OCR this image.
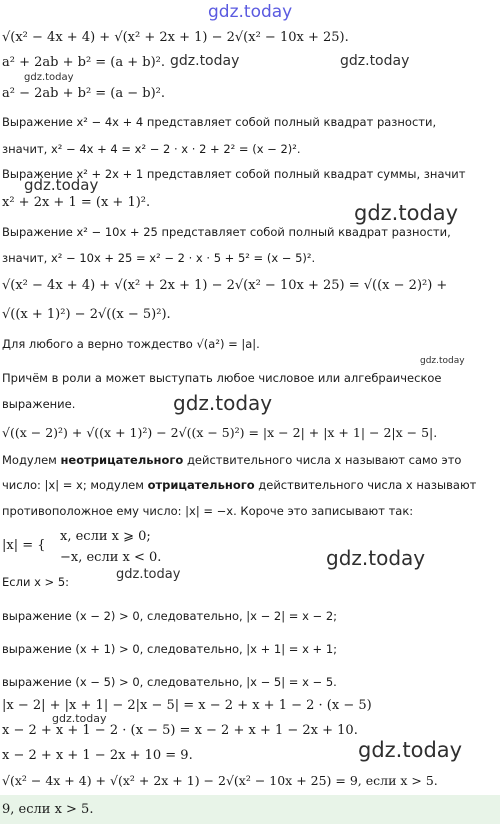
gdz.today
gdz.today	gdz.today
gdz.today
gdz.today
gdz.today
gdz.today
gdz.today
gdz.today
gdz.today
gdz.today
gdz.today
√(x² − 4x + 4) + √(x² + 2x + 1) − 2√(x² − 10x + 25).
a² + 2ab + b² = (a + b)².
a² − 2ab + b² = (a − b)².
Выражение x² − 4x + 4 представляет собой полный квадрат разности,
значит, x² − 4x + 4 = x² − 2 · x · 2 + 2² = (x − 2)².
Выражение x² + 2x + 1 представляет собой полный квадрат суммы, значит
x² + 2x + 1 = (x + 1)².
Выражение x² − 10x + 25 представляет собой полный квадрат разности,
значит, x² − 10x + 25 = x² − 2 · x · 5 + 5² = (x − 5)².
√(x² − 4x + 4) + √(x² + 2x + 1) − 2√(x² − 10x + 25) = √((x − 2)²) +
√((x + 1)²) − 2√((x − 5)²).
Для любого a верно тождество √(a²) = |a|.
Причём в роли a может выступать любое числовое или алгебраическое
выражение.
√((x − 2)²) + √((x + 1)²) − 2√((x − 5)²) = |x − 2| + |x + 1| − 2|x − 5|.
Модулем неотрицательного действительного числа x называют само это
число: |x| = x; модулем отрицательного действительного числа x называют
противоположное ему число: |x| = −x. Короче это записывают так:
|x| = {
x, если x ⩾ 0;
−x, если x < 0.
Если x > 5:
выражение (x − 2) > 0, следовательно, |x − 2| = x − 2;
выражение (x + 1) > 0, следовательно, |x + 1| = x + 1;
выражение (x − 5) > 0, следовательно, |x − 5| = x − 5.
|x − 2| + |x + 1| − 2|x − 5| = x − 2 + x + 1 − 2 · (x − 5)
x − 2 + x + 1 − 2 · (x − 5) = x − 2 + x + 1 − 2x + 10.
x − 2 + x + 1 − 2x + 10 = 9.
√(x² − 4x + 4) + √(x² + 2x + 1) − 2√(x² − 10x + 25) = 9, если x > 5.
9, если x > 5.
